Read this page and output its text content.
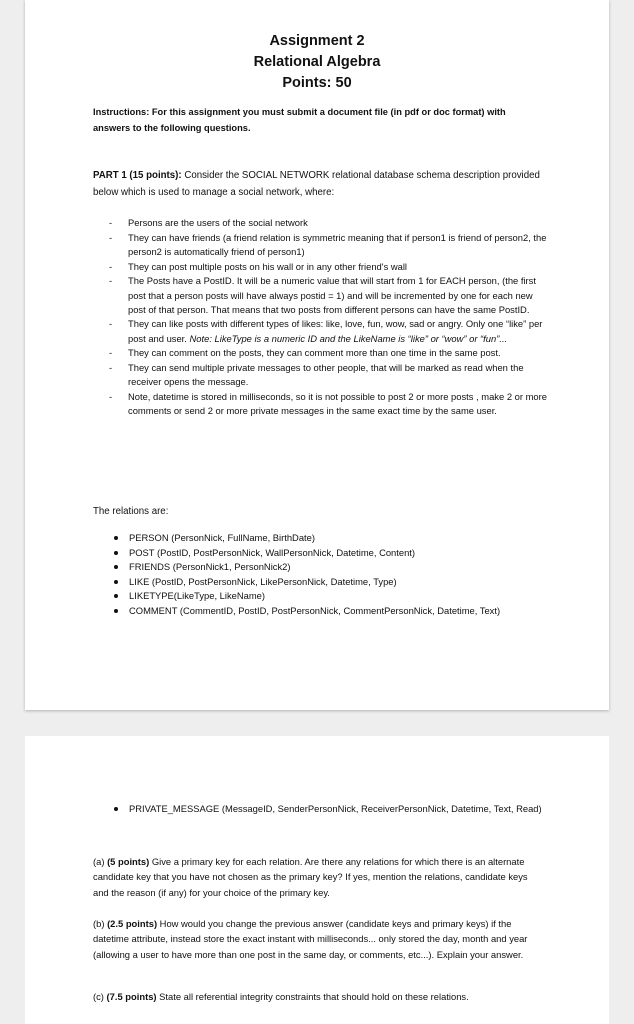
Assignment 2
Relational Algebra
Points: 50
Instructions: For this assignment you must submit a document file (in pdf or doc format) with answers to the following questions.
PART 1 (15 points): Consider the SOCIAL NETWORK relational database schema description provided below which is used to manage a social network, where:
- Persons are the users of the social network
- They can have friends (a friend relation is symmetric meaning that if person1 is friend of person2, the person2 is automatically friend of person1)
- They can post multiple posts on his wall or in any other friend's wall
- The Posts have a PostID. It will be a numeric value that will start from 1 for EACH person, (the first post that a person posts will have always postid = 1) and will be incremented by one for each new post of that person. That means that two posts from different persons can have the same PostID.
- They can like posts with different types of likes: like, love, fun, wow, sad or angry. Only one “like” per post and user. Note: LikeType is a numeric ID and the LikeName is “like” or “wow” or “fun”...
- They can comment on the posts, they can comment more than one time in the same post.
- They can send multiple private messages to other people, that will be marked as read when the receiver opens the message.
- Note, datetime is stored in milliseconds, so it is not possible to post 2 or more posts , make 2 or more comments or send 2 or more private messages in the same exact time by the same user.
The relations are:
PERSON (PersonNick, FullName, BirthDate)
POST (PostID, PostPersonNick, WallPersonNick, Datetime, Content)
FRIENDS (PersonNick1, PersonNick2)
LIKE (PostID, PostPersonNick, LikePersonNick, Datetime, Type)
LIKETYPE(LikeType, LikeName)
COMMENT (CommentID, PostID, PostPersonNick, CommentPersonNick, Datetime, Text)
PRIVATE_MESSAGE (MessageID, SenderPersonNick, ReceiverPersonNick, Datetime, Text, Read)
(a) (5 points) Give a primary key for each relation. Are there any relations for which there is an alternate candidate key that you have not chosen as the primary key? If yes, mention the relations, candidate keys and the reason (if any) for your choice of the primary key.
(b) (2.5 points) How would you change the previous answer (candidate keys and primary keys) if the datetime attribute, instead store the exact instant with milliseconds... only stored the day, month and year (allowing a user to have more than one post in the same day, or comments, etc...). Explain your answer.
(c) (7.5 points) State all referential integrity constraints that should hold on these relations.
